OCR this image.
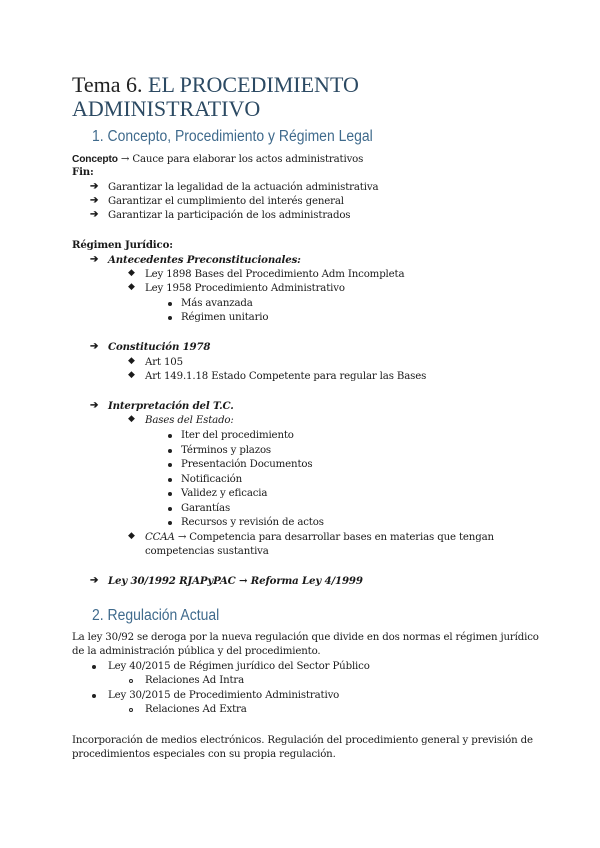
Tema 6. EL PROCEDIMIENTO
ADMINISTRATIVO
1. Concepto, Procedimiento y Régimen Legal
Concepto → Cauce para elaborar los actos administrativos
Fin:
➔ Garantizar la legalidad de la actuación administrativa
➔ Garantizar el cumplimiento del interés general
➔ Garantizar la participación de los administrados
Régimen Jurídico:
➔ Antecedentes Preconstitucionales:
◆ Ley 1898 Bases del Procedimiento Adm Incompleta
◆ Ley 1958 Procedimiento Administrativo
Más avanzada
Régimen unitario
➔ Constitución 1978
◆ Art 105
◆ Art 149.1.18 Estado Competente para regular las Bases
➔ Interpretación del T.C.
◆ Bases del Estado:
Iter del procedimiento
Términos y plazos
Presentación Documentos
Notificación
Validez y eficacia
Garantías
Recursos y revisión de actos
◆ CCAA → Competencia para desarrollar bases en materias que tengan
competencias sustantiva
➔ Ley 30/1992 RJAPyPAC → Reforma Ley 4/1999
2. Regulación Actual
La ley 30/92 se deroga por la nueva regulación que divide en dos normas el régimen jurídico
de la administración pública y del procedimiento.
Ley 40/2015 de Régimen jurídico del Sector Público
Relaciones Ad Intra
Ley 30/2015 de Procedimiento Administrativo
Relaciones Ad Extra
Incorporación de medios electrónicos. Regulación del procedimiento general y previsión de
procedimientos especiales con su propia regulación.
